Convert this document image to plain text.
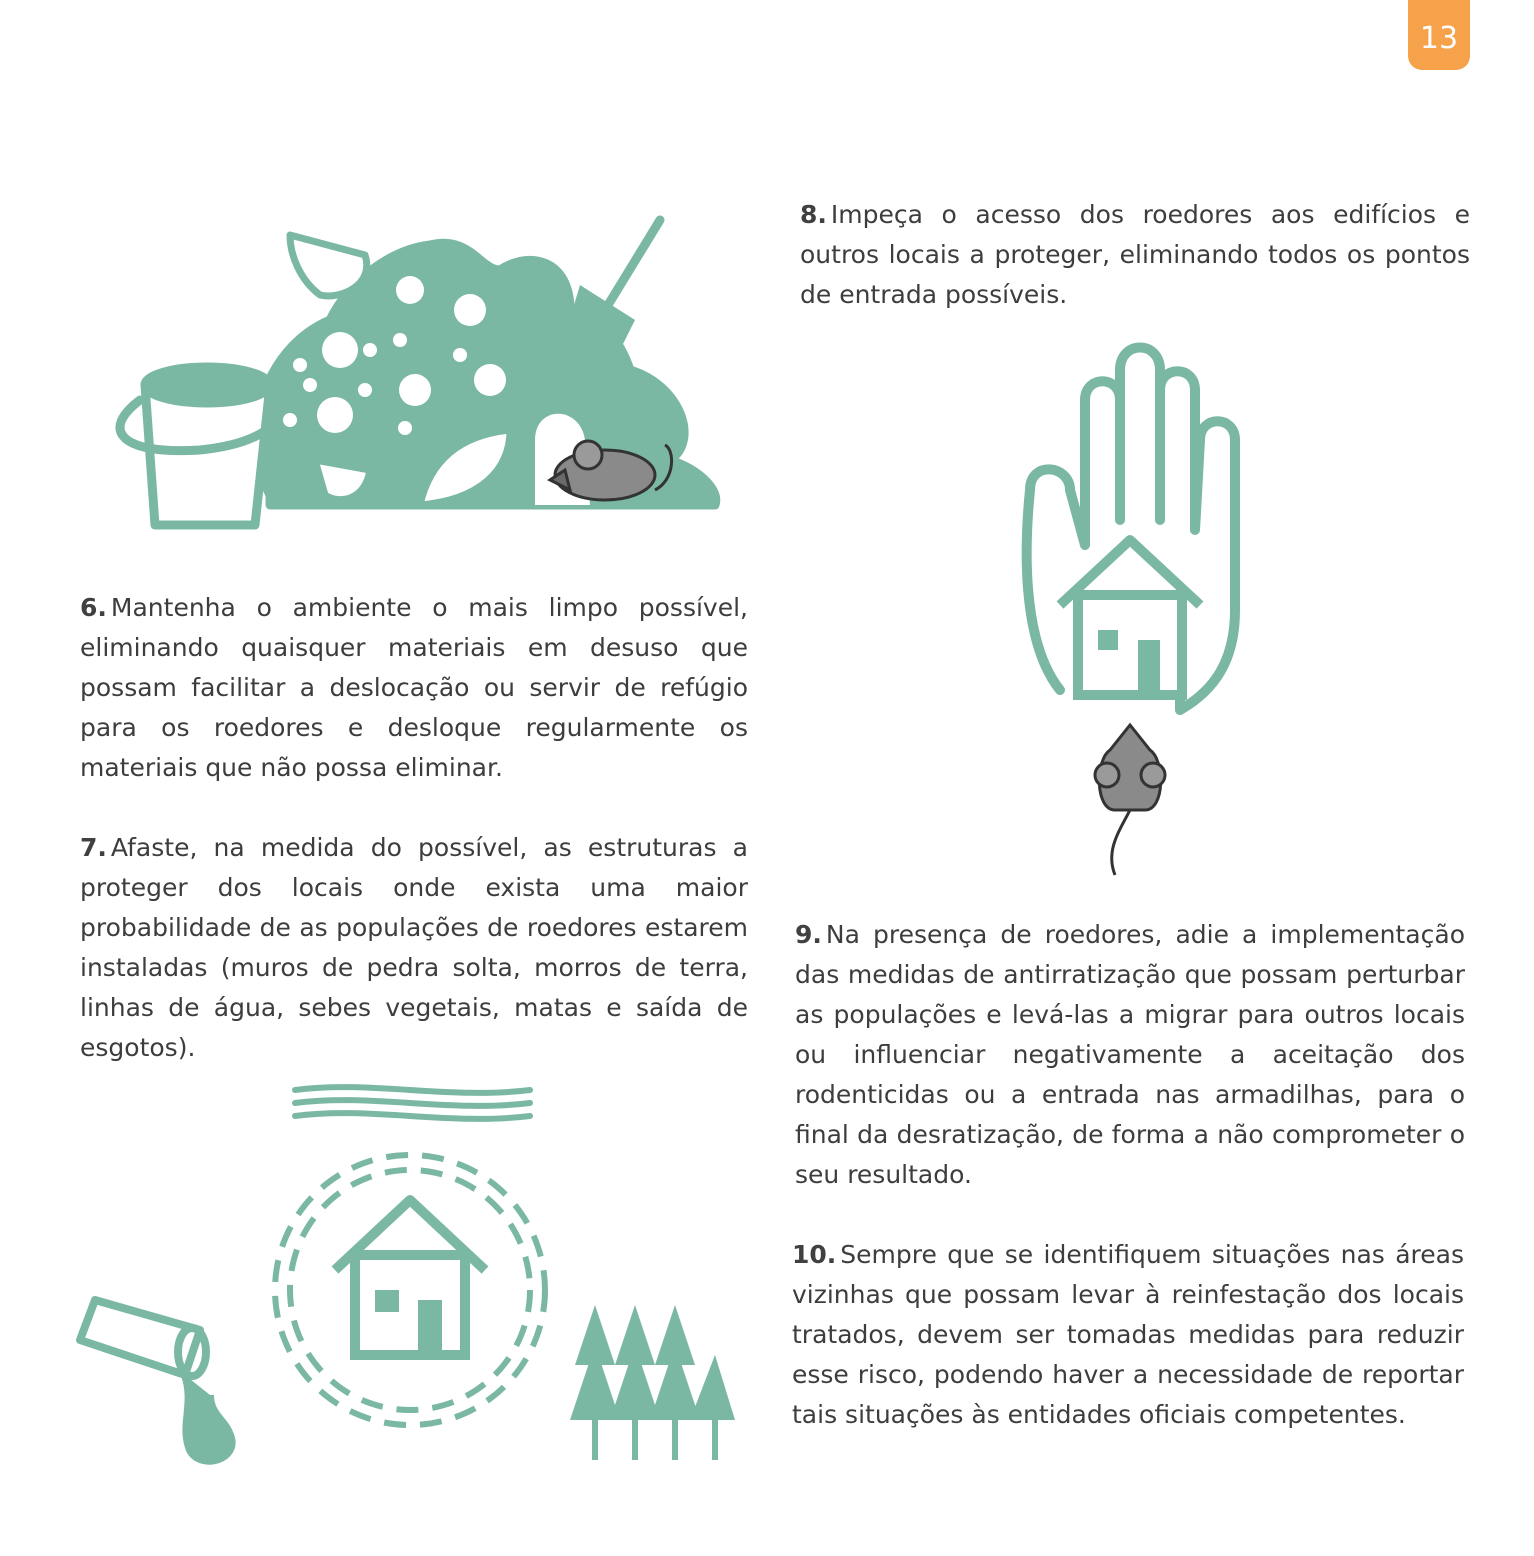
13

6. Mantenha o ambiente o mais limpo possível, eliminando quaisquer materiais em desuso que possam facilitar a deslocação ou servir de refúgio para os roedores e desloque regularmente os materiais que não possa eliminar.

7. Afaste, na medida do possível, as estruturas a proteger dos locais onde exista uma maior probabilidade de as populações de roedores estarem instaladas (muros de pedra solta, morros de terra, linhas de água, sebes vegetais, matas e saída de esgotos).

8. Impeça o acesso dos roedores aos edifícios e outros locais a proteger, eliminando todos os pontos de entrada possíveis.

9. Na presença de roedores, adie a implementação das medidas de antirratização que possam perturbar as populações e levá-las a migrar para outros locais ou influenciar negativamente a aceitação dos rodenticidas ou a entrada nas armadilhas, para o final da desratização, de forma a não comprometer o seu resultado.

10. Sempre que se identifiquem situações nas áreas vizinhas que possam levar à reinfestação dos locais tratados, devem ser tomadas medidas para reduzir esse risco, podendo haver a necessidade de reportar tais situações às entidades oficiais competentes.
